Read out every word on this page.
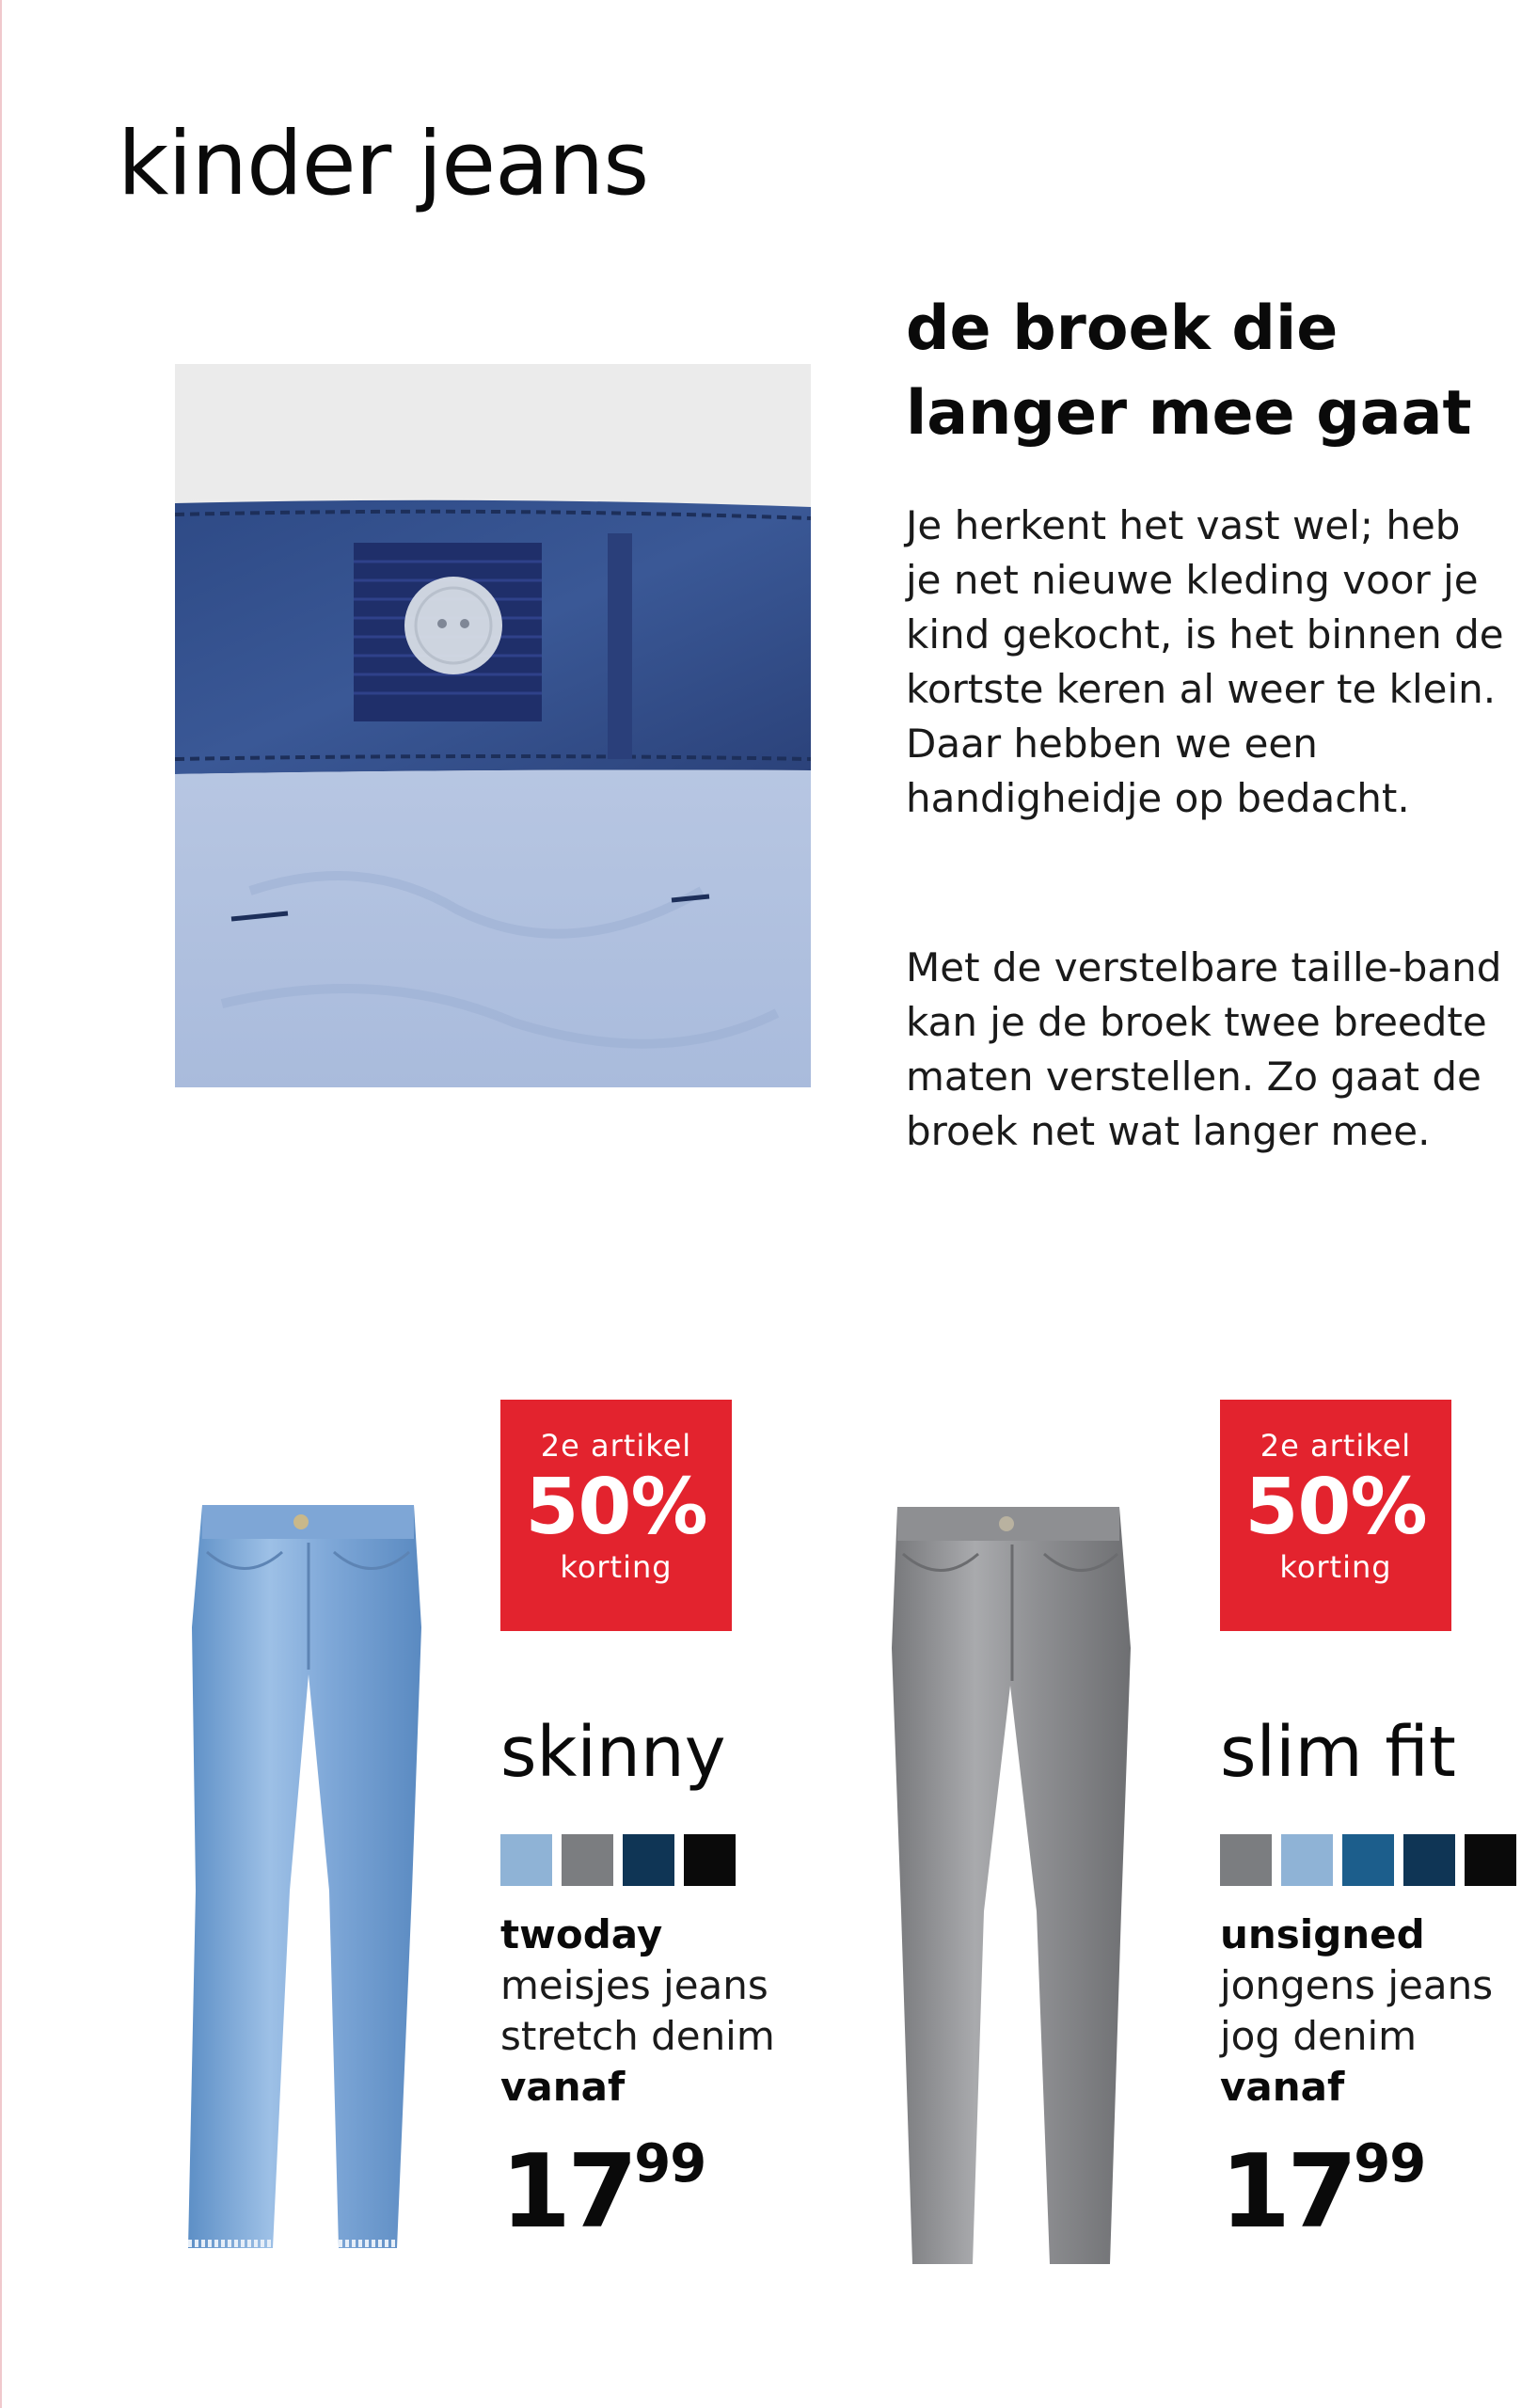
kinder jeans

de broek die
langer mee gaat

Je herkent het vast wel; heb je net nieuwe kleding voor je kind gekocht, is het binnen de kortste keren al weer te klein. Daar hebben we een handigheidje op bedacht.

Met de verstelbare taille-band kan je de broek twee breedte maten verstellen. Zo gaat de broek net wat langer mee.

2e artikel
50%
korting
skinny
twoday
meisjes jeans
stretch denim
vanaf
1799
2e artikel
50%
korting
slim fit
unsigned
jongens jeans
jog denim
vanaf
1799
